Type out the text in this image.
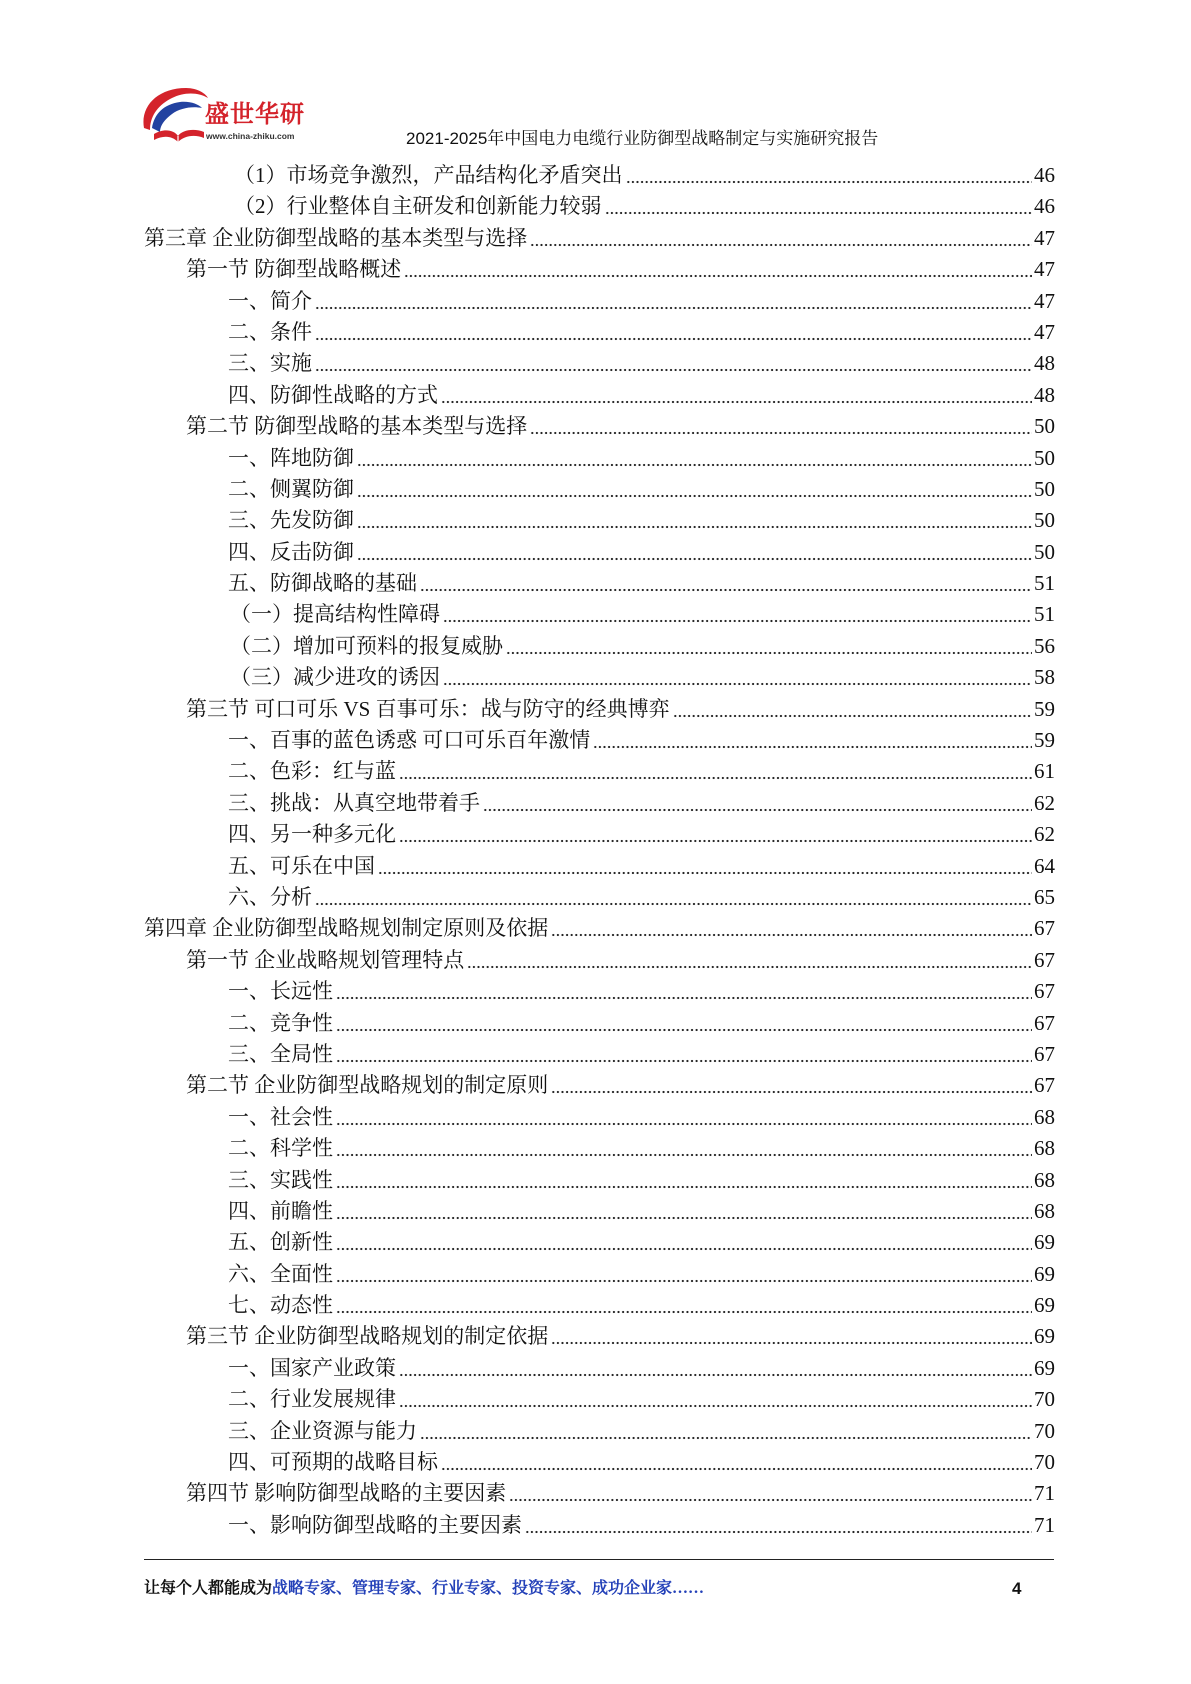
盛世华研
www.china-zhiku.com	2021-2025年中国电力电缆行业防御型战略制定与实施研究报告
（1）市场竞争激烈，产品结构化矛盾突出	46
（2）行业整体自主研发和创新能力较弱	46
第三章 企业防御型战略的基本类型与选择	47
第一节 防御型战略概述	47
一、简介	47
二、条件	47
三、实施	48
四、防御性战略的方式	48
第二节 防御型战略的基本类型与选择	50
一、阵地防御	50
二、侧翼防御	50
三、先发防御	50
四、反击防御	50
五、防御战略的基础	51
（一）提高结构性障碍	51
（二）增加可预料的报复威胁	56
（三）减少进攻的诱因	58
第三节 可口可乐 VS 百事可乐：战与防守的经典博弈	59
一、百事的蓝色诱惑 可口可乐百年激情	59
二、色彩：红与蓝	61
三、挑战：从真空地带着手	62
四、另一种多元化	62
五、可乐在中国	64
六、分析	65
第四章 企业防御型战略规划制定原则及依据	67
第一节 企业战略规划管理特点	67
一、长远性	67
二、竞争性	67
三、全局性	67
第二节 企业防御型战略规划的制定原则	67
一、社会性	68
二、科学性	68
三、实践性	68
四、前瞻性	68
五、创新性	69
六、全面性	69
七、动态性	69
第三节 企业防御型战略规划的制定依据	69
一、国家产业政策	69
二、行业发展规律	70
三、企业资源与能力	70
四、可预期的战略目标	70
第四节 影响防御型战略的主要因素	71
一、影响防御型战略的主要因素	71
让每个人都能成为战略专家、管理专家、行业专家、投资专家、成功企业家……	4
